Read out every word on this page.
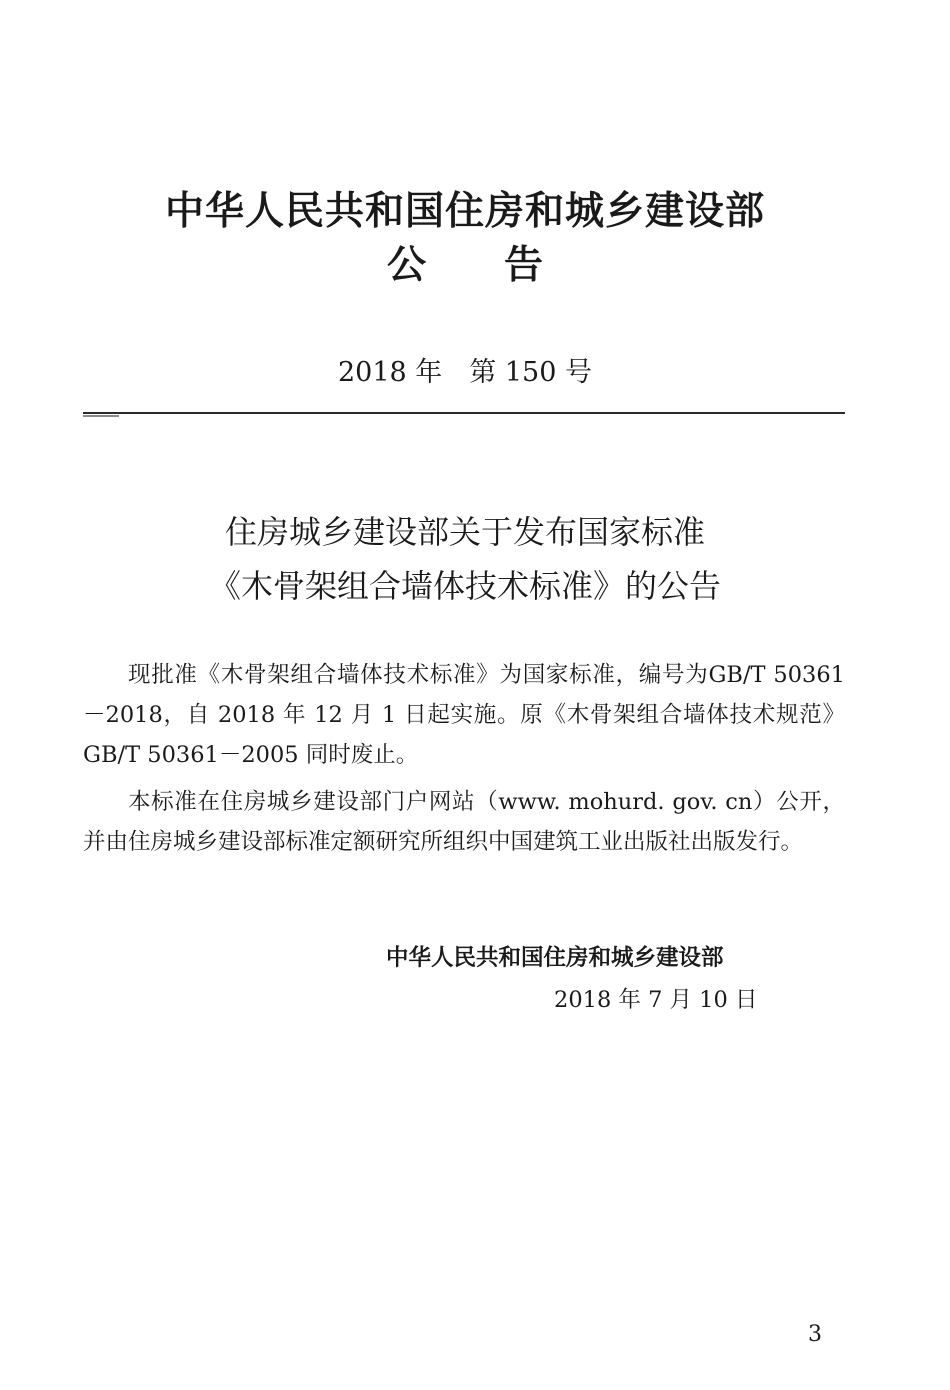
中华人民共和国住房和城乡建设部
公　　告
2018 年　第 150 号
住房城乡建设部关于发布国家标准
《木骨架组合墙体技术标准》的公告

现批准《木骨架组合墙体技术标准》为国家标准，编号为GB/T 50361－2018，自 2018 年 12 月 1 日起实施。原《木骨架组合墙体技术规范》GB/T 50361－2005 同时废止。

本标准在住房城乡建设部门户网站（www. mohurd. gov. cn）公开，并由住房城乡建设部标准定额研究所组织中国建筑工业出版社出版发行。

中华人民共和国住房和城乡建设部
2018 年 7 月 10 日
3
